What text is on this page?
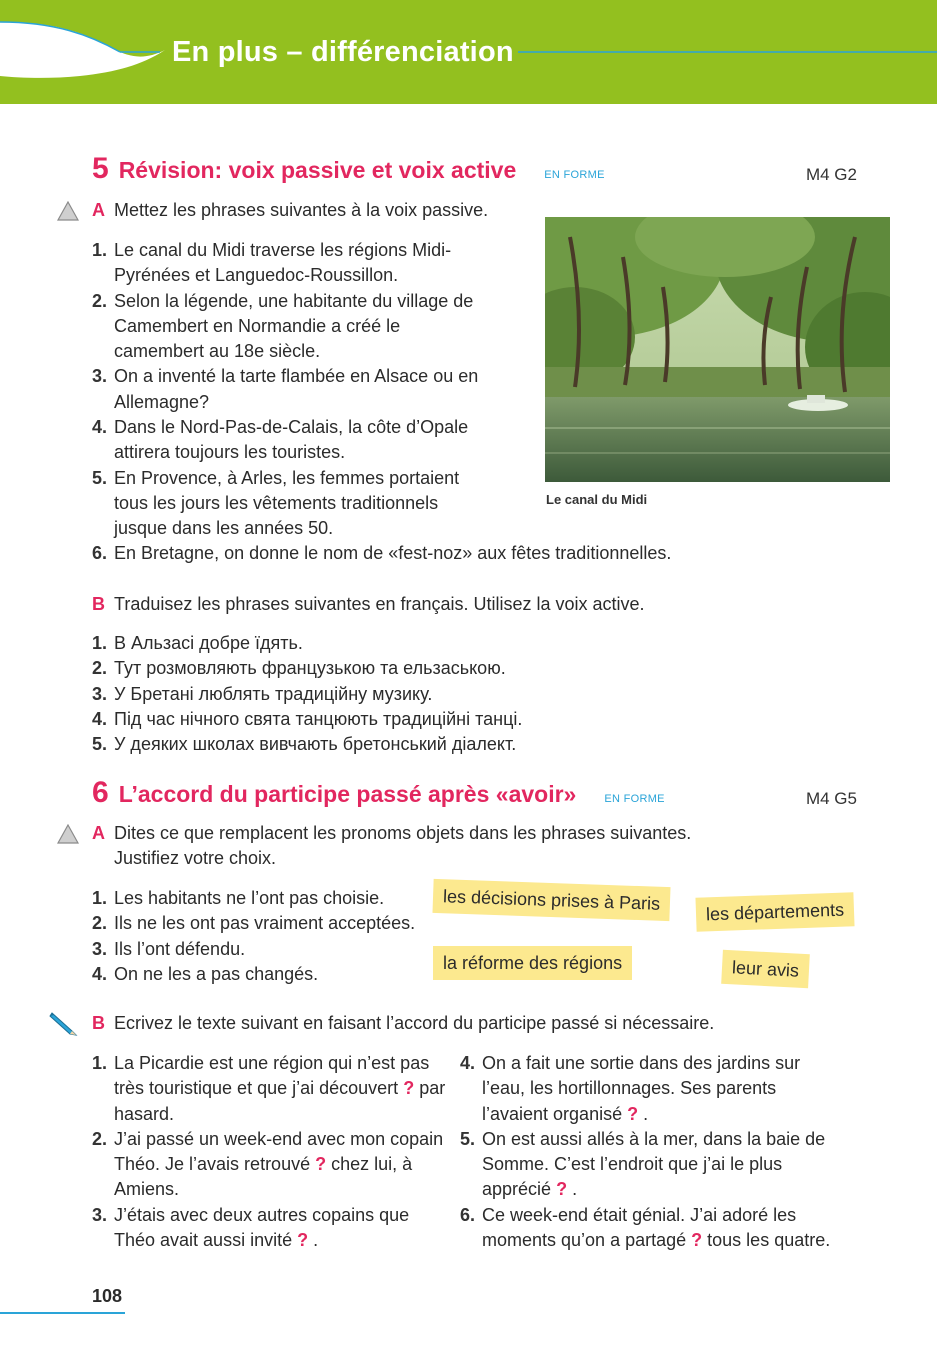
En plus – différenciation
5 Révision: voix passive et voix active	EN FORME	M4 G2
A Mettez les phrases suivantes à la voix passive.
1. Le canal du Midi traverse les régions Midi-Pyrénées et Languedoc-Roussillon.
2. Selon la légende, une habitante du village de Camembert en Normandie a créé le camembert au 18e siècle.
3. On a inventé la tarte flambée en Alsace ou en Allemagne?
4. Dans le Nord-Pas-de-Calais, la côte d’Opale attirera toujours les touristes.
5. En Provence, à Arles, les femmes portaient tous les jours les vêtements traditionnels jusque dans les années 50.
6. En Bretagne, on donne le nom de «fest-noz» aux fêtes traditionnelles.
Le canal du Midi
B Traduisez les phrases suivantes en français. Utilisez la voix active.
1. В Альзасі добре їдять.
2. Тут розмовляють французькою та ельзаською.
3. У Бретані люблять традиційну музику.
4. Під час нічного свята танцюють традиційні танці.
5. У деяких школах вивчають бретонський діалект.
6 L’accord du participe passé après «avoir»	EN FORME	M4 G5
A Dites ce que remplacent les pronoms objets dans les phrases suivantes.
Justifiez votre choix.
1. Les habitants ne l’ont pas choisie.
2. Ils ne les ont pas vraiment acceptées.
3. Ils l’ont défendu.
4. On ne les a pas changés.
les décisions prises à Paris	les départements
la réforme des régions	leur avis
B Ecrivez le texte suivant en faisant l’accord du participe passé si nécessaire.
1. La Picardie est une région qui n’est pas très touristique et que j’ai découvert ? par hasard.
2. J’ai passé un week-end avec mon copain Théo. Je l’avais retrouvé ? chez lui, à Amiens.
3. J’étais avec deux autres copains que Théo avait aussi invité ? .
4. On a fait une sortie dans des jardins sur l’eau, les hortillonnages. Ses parents l’avaient organisé ? .
5. On est aussi allés à la mer, dans la baie de Somme. C’est l’endroit que j’ai le plus apprécié ? .
6. Ce week-end était génial. J’ai adoré les moments qu’on a partagé ? tous les quatre.
108
